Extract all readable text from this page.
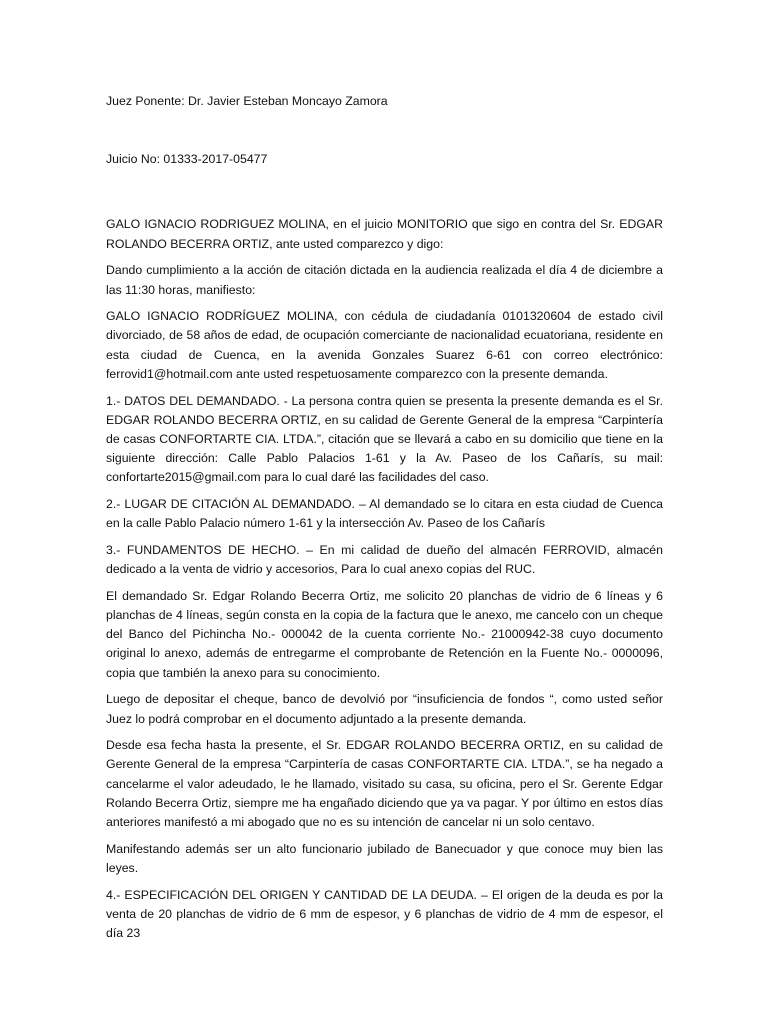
Juez Ponente: Dr. Javier Esteban Moncayo Zamora

Juicio No: 01333-2017-05477

GALO IGNACIO RODRIGUEZ MOLINA, en el juicio MONITORIO que sigo en contra del Sr. EDGAR ROLANDO BECERRA ORTIZ, ante usted comparezco y digo:

Dando cumplimiento a la acción de citación dictada en la audiencia realizada el día 4 de diciembre a las 11:30 horas, manifiesto:

GALO IGNACIO RODRÍGUEZ MOLINA, con cédula de ciudadanía 0101320604 de estado civil divorciado, de 58 años de edad, de ocupación comerciante de nacionalidad ecuatoriana, residente en esta ciudad de Cuenca, en la avenida Gonzales Suarez 6-61 con correo electrónico: ferrovid1@hotmail.com ante usted respetuosamente comparezco con la presente demanda.

1.- DATOS DEL DEMANDADO. - La persona contra quien se presenta la presente demanda es el Sr. EDGAR ROLANDO BECERRA ORTIZ, en su calidad de Gerente General de la empresa “Carpintería de casas CONFORTARTE CIA. LTDA.”, citación que se llevará a cabo en su domicilio que tiene en la siguiente dirección: Calle Pablo Palacios 1-61 y la Av. Paseo de los Cañarís, su mail: confortarte2015@gmail.com para lo cual daré las facilidades del caso.

2.- LUGAR DE CITACIÓN AL DEMANDADO. – Al demandado se lo citara en esta ciudad de Cuenca en la calle Pablo Palacio número 1-61 y la intersección Av. Paseo de los Cañarís

3.- FUNDAMENTOS DE HECHO. – En mi calidad de dueño del almacén FERROVID, almacén dedicado a la venta de vidrio y accesorios, Para lo cual anexo copias del RUC.

El demandado Sr. Edgar Rolando Becerra Ortiz, me solicito 20 planchas de vidrio de 6 líneas y 6 planchas de 4 líneas, según consta en la copia de la factura que le anexo, me cancelo con un cheque del Banco del Pichincha No.- 000042 de la cuenta corriente No.- 21000942-38 cuyo documento original lo anexo, además de entregarme el comprobante de Retención en la Fuente No.- 0000096, copia que también la anexo para su conocimiento.

Luego de depositar el cheque, banco de devolvió por “insuficiencia de fondos “, como usted señor Juez lo podrá comprobar en el documento adjuntado a la presente demanda.

Desde esa fecha hasta la presente, el Sr. EDGAR ROLANDO BECERRA ORTIZ, en su calidad de Gerente General de la empresa “Carpintería de casas CONFORTARTE CIA. LTDA.”, se ha negado a cancelarme el valor adeudado, le he llamado, visitado su casa, su oficina, pero el Sr. Gerente Edgar Rolando Becerra Ortiz, siempre me ha engañado diciendo que ya va pagar. Y por último en estos días anteriores manifestó a mi abogado que no es su intención de cancelar ni un solo centavo.

Manifestando además ser un alto funcionario jubilado de Banecuador y que conoce muy bien las leyes.

4.- ESPECIFICACIÓN DEL ORIGEN Y CANTIDAD DE LA DEUDA. – El origen de la deuda es por la venta de 20 planchas de vidrio de 6 mm de espesor, y 6 planchas de vidrio de 4 mm de espesor, el día 23
